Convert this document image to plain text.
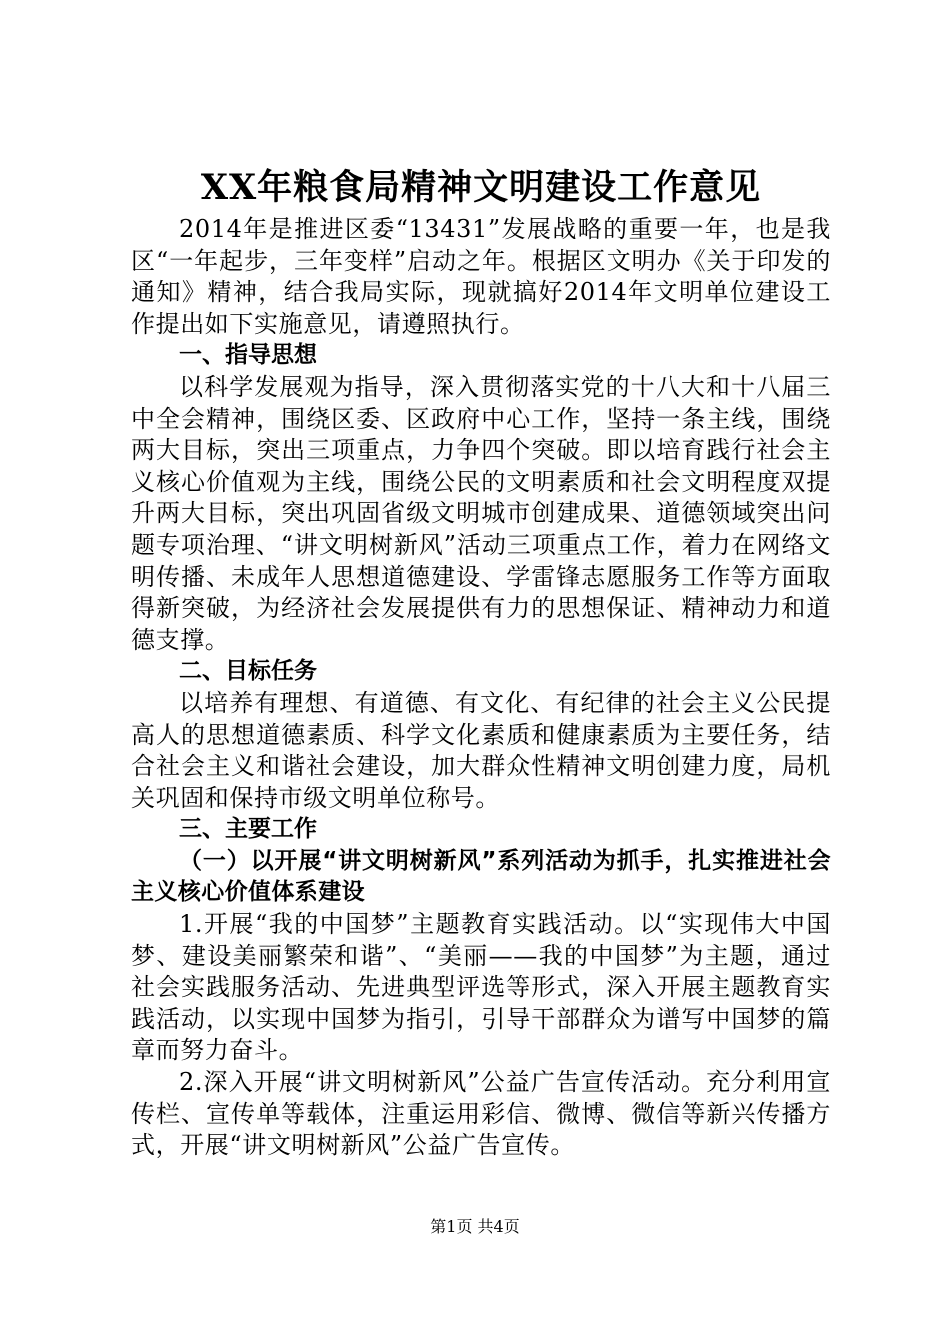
XX年粮食局精神文明建设工作意见

2014年是推进区委“13431”发展战略的重要一年，也是我区“一年起步，三年变样”启动之年。根据区文明办《关于印发的通知》精神，结合我局实际，现就搞好2014年文明单位建设工作提出如下实施意见，请遵照执行。

一、指导思想

以科学发展观为指导，深入贯彻落实党的十八大和十八届三中全会精神，围绕区委、区政府中心工作，坚持一条主线，围绕两大目标，突出三项重点，力争四个突破。即以培育践行社会主义核心价值观为主线，围绕公民的文明素质和社会文明程度双提升两大目标，突出巩固省级文明城市创建成果、道德领域突出问题专项治理、“讲文明树新风”活动三项重点工作，着力在网络文明传播、未成年人思想道德建设、学雷锋志愿服务工作等方面取得新突破，为经济社会发展提供有力的思想保证、精神动力和道德支撑。

二、目标任务

以培养有理想、有道德、有文化、有纪律的社会主义公民提高人的思想道德素质、科学文化素质和健康素质为主要任务，结合社会主义和谐社会建设，加大群众性精神文明创建力度，局机关巩固和保持市级文明单位称号。

三、主要工作

（一）以开展“讲文明树新风”系列活动为抓手，扎实推进社会主义核心价值体系建设

1.开展“我的中国梦”主题教育实践活动。以“实现伟大中国梦、建设美丽繁荣和谐”、“美丽——我的中国梦”为主题，通过社会实践服务活动、先进典型评选等形式，深入开展主题教育实践活动，以实现中国梦为指引，引导干部群众为谱写中国梦的篇章而努力奋斗。

2.深入开展“讲文明树新风”公益广告宣传活动。充分利用宣传栏、宣传单等载体，注重运用彩信、微博、微信等新兴传播方式，开展“讲文明树新风”公益广告宣传。

第1页 共4页
